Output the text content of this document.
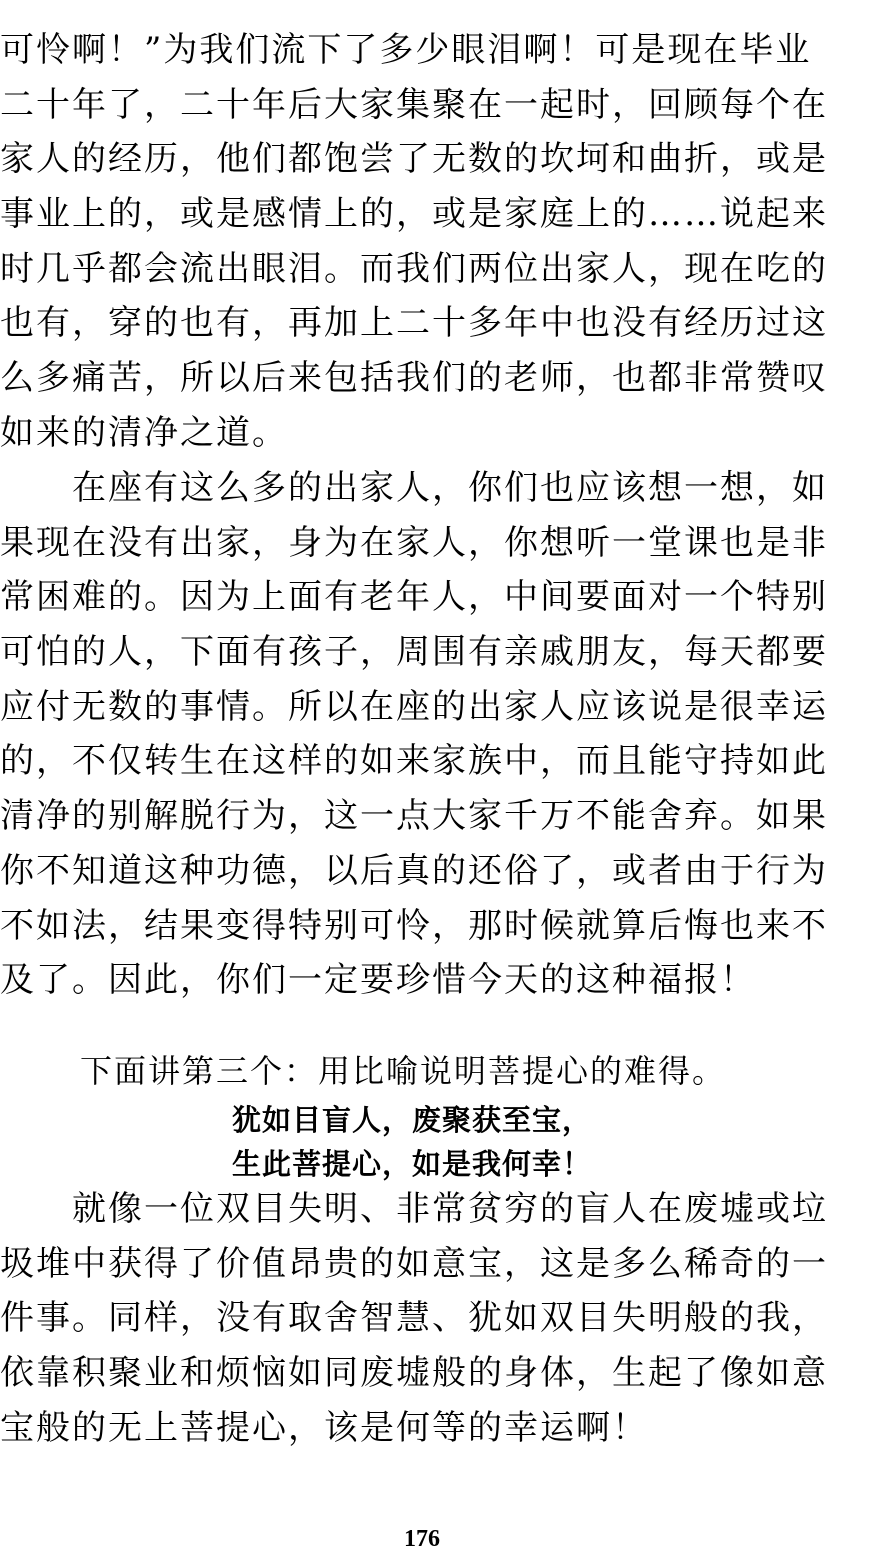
可怜啊！”为我们流下了多少眼泪啊！可是现在毕业
二十年了，二十年后大家集聚在一起时，回顾每个在
家人的经历，他们都饱尝了无数的坎坷和曲折，或是
事业上的，或是感情上的，或是家庭上的……说起来
时几乎都会流出眼泪。而我们两位出家人，现在吃的
也有，穿的也有，再加上二十多年中也没有经历过这
么多痛苦，所以后来包括我们的老师，也都非常赞叹
如来的清净之道。
　　在座有这么多的出家人，你们也应该想一想，如
果现在没有出家，身为在家人，你想听一堂课也是非
常困难的。因为上面有老年人，中间要面对一个特别
可怕的人，下面有孩子，周围有亲戚朋友，每天都要
应付无数的事情。所以在座的出家人应该说是很幸运
的，不仅转生在这样的如来家族中，而且能守持如此
清净的别解脱行为，这一点大家千万不能舍弃。如果
你不知道这种功德，以后真的还俗了，或者由于行为
不如法，结果变得特别可怜，那时候就算后悔也来不
及了。因此，你们一定要珍惜今天的这种福报！

下面讲第三个：用比喻说明菩提心的难得。

犹如目盲人，废聚获至宝，

生此菩提心，如是我何幸！

　　就像一位双目失明、非常贫穷的盲人在废墟或垃
圾堆中获得了价值昂贵的如意宝，这是多么稀奇的一
件事。同样，没有取舍智慧、犹如双目失明般的我，
依靠积聚业和烦恼如同废墟般的身体，生起了像如意
宝般的无上菩提心，该是何等的幸运啊！

176
